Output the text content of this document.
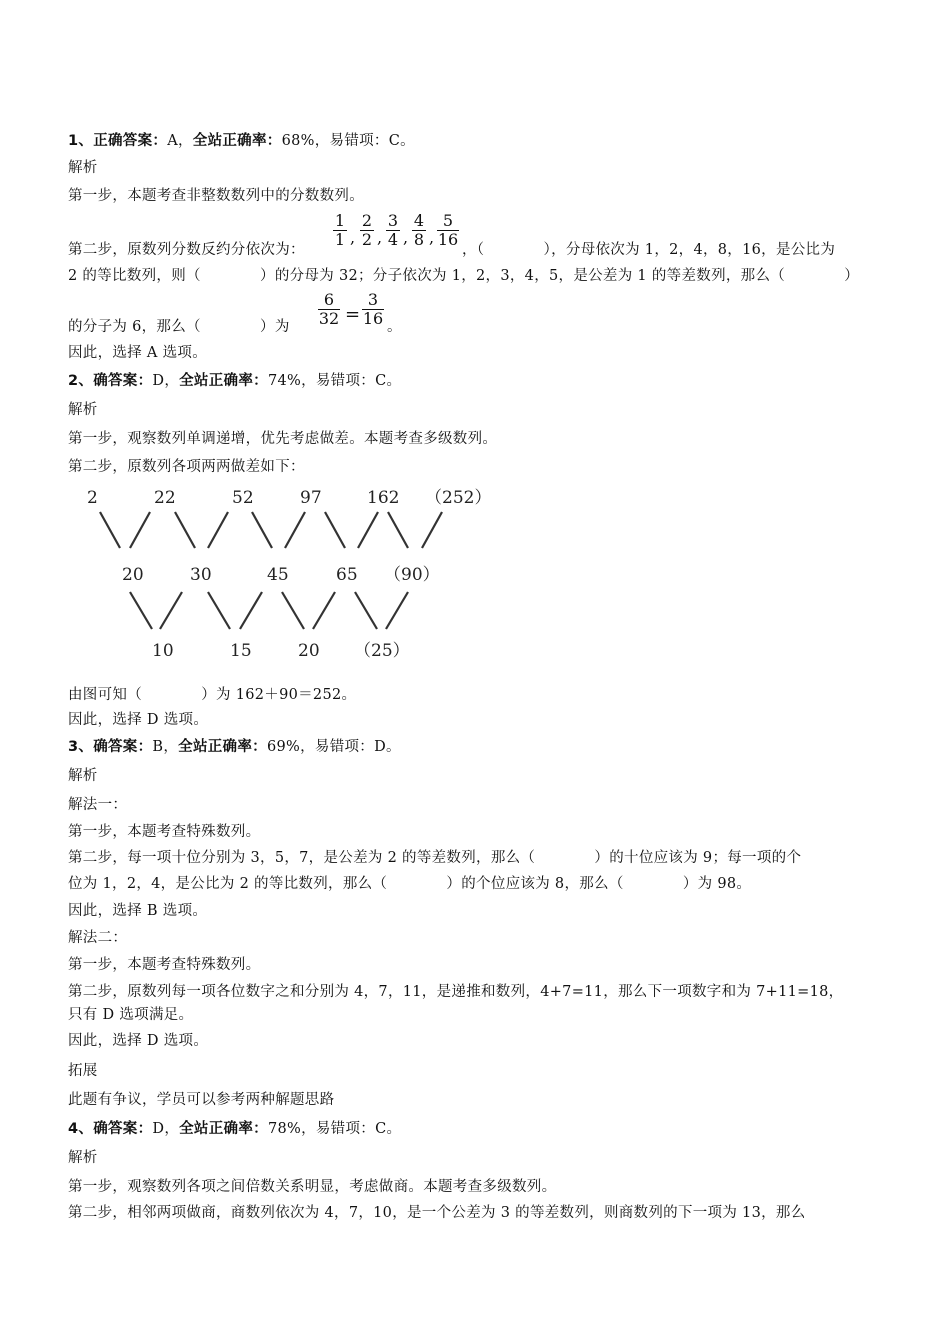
1、正确答案：A，全站正确率：68%，易错项：C。
解析
第一步，本题考查非整数数列中的分数数列。
第二步，原数列分数反约分依次为：
1
1 ,
2
2 ,
3
4 ,
4
8 ,
5
16
，（　　　　），分母依次为 1，2，4，8，16，是公比为
2 的等比数列，则（　　　　）的分母为 32；分子依次为 1，2，3，4，5，是公差为 1 的等差数列，那么（　　　　）
的分子为 6，那么（　　　　）为
6
32 =
3
16 。
因此，选择 A 选项。
2、确答案：D，全站正确率：74%，易错项：C。
解析
第一步，观察数列单调递增，优先考虑做差。本题考查多级数列。
第二步，原数列各项两两做差如下：
2	22	52	97	162 （252）
20	30	45	65 （90）
10	15	20 （25）
由图可知（　　　　）为 162＋90＝252。
因此，选择 D 选项。
3、确答案：B，全站正确率：69%，易错项：D。
解析
解法一：
第一步，本题考查特殊数列。
第二步，每一项十位分别为 3，5，7，是公差为 2 的等差数列，那么（　　　　）的十位应该为 9；每一项的个
位为 1，2，4，是公比为 2 的等比数列，那么（　　　　）的个位应该为 8，那么（　　　　）为 98。
因此，选择 B 选项。
解法二：
第一步，本题考查特殊数列。
第二步，原数列每一项各位数字之和分别为 4，7，11，是递推和数列，4+7=11，那么下一项数字和为 7+11=18，
只有 D 选项满足。
因此，选择 D 选项。
拓展
此题有争议，学员可以参考两种解题思路
4、确答案：D，全站正确率：78%，易错项：C。
解析
第一步，观察数列各项之间倍数关系明显，考虑做商。本题考查多级数列。
第二步，相邻两项做商，商数列依次为 4，7，10，是一个公差为 3 的等差数列，则商数列的下一项为 13，那么
